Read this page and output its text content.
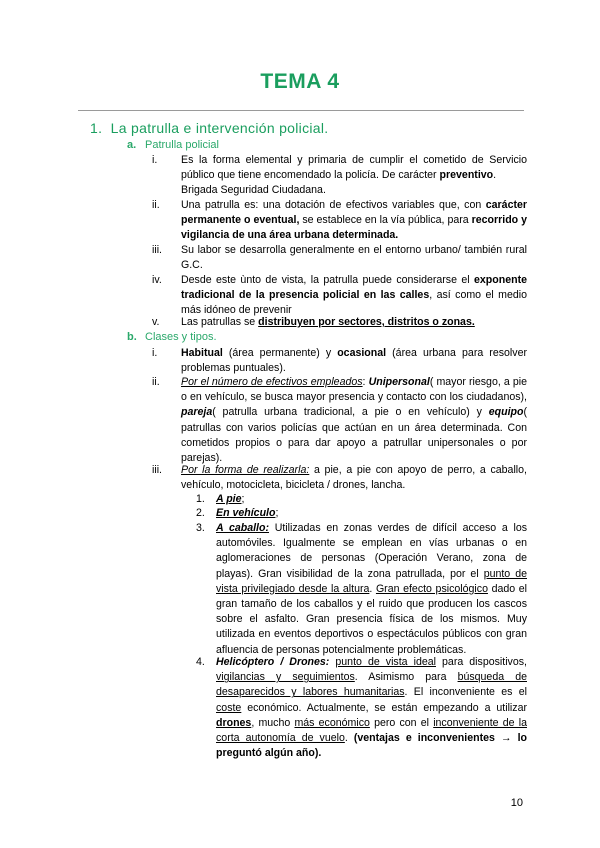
TEMA 4
1. La patrulla e intervención policial.
a. Patrulla policial
i. Es la forma elemental y primaria de cumplir el cometido de Servicio público que tiene encomendado la policía. De carácter preventivo.
Brigada Seguridad Ciudadana.
ii. Una patrulla es: una dotación de efectivos variables que, con carácter permanente o eventual, se establece en la vía pública, para recorrido y vigilancia de una área urbana determinada.
iii. Su labor se desarrolla generalmente en el entorno urbano/ también rural G.C.
iv. Desde este ùnto de vista, la patrulla puede considerarse el exponente tradicional de la presencia policial en las calles, así como el medio más idóneo de prevenir
v. Las patrullas se distribuyen por sectores, distritos o zonas.
b. Clases y tipos.
i. Habitual (área permanente) y ocasional (área urbana para resolver problemas puntuales).
ii. Por el número de efectivos empleados: Unipersonal( mayor riesgo, a pie o en vehículo, se busca mayor presencia y contacto con los ciudadanos), pareja( patrulla urbana tradicional, a pie o en vehículo) y equipo( patrullas con varios policías que actúan en un área determinada. Con cometidos propios o para dar apoyo a patrullar unipersonales o por parejas).
iii. Por la forma de realizarla: a pie, a pie con apoyo de perro, a caballo, vehículo, motocicleta, bicicleta / drones, lancha.
1. A pie;
2. En vehículo;
3. A caballo: Utilizadas en zonas verdes de difícil acceso a los automóviles. Igualmente se emplean en vías urbanas o en aglomeraciones de personas (Operación Verano, zona de playas). Gran visibilidad de la zona patrullada, por el punto de vista privilegiado desde la altura. Gran efecto psicológico dado el gran tamaño de los caballos y el ruido que producen los cascos sobre el asfalto. Gran presencia física de los mismos. Muy utilizada en eventos deportivos o espectáculos públicos con gran afluencia de personas potencialmente problemáticas.
4. Helicóptero / Drones: punto de vista ideal para dispositivos, vigilancias y seguimientos. Asimismo para búsqueda de desaparecidos y labores humanitarias. El inconveniente es el coste económico. Actualmente, se están empezando a utilizar drones, mucho más económico pero con el inconveniente de la corta autonomía de vuelo. (ventajas e inconvenientes → lo preguntó algún año).
10
